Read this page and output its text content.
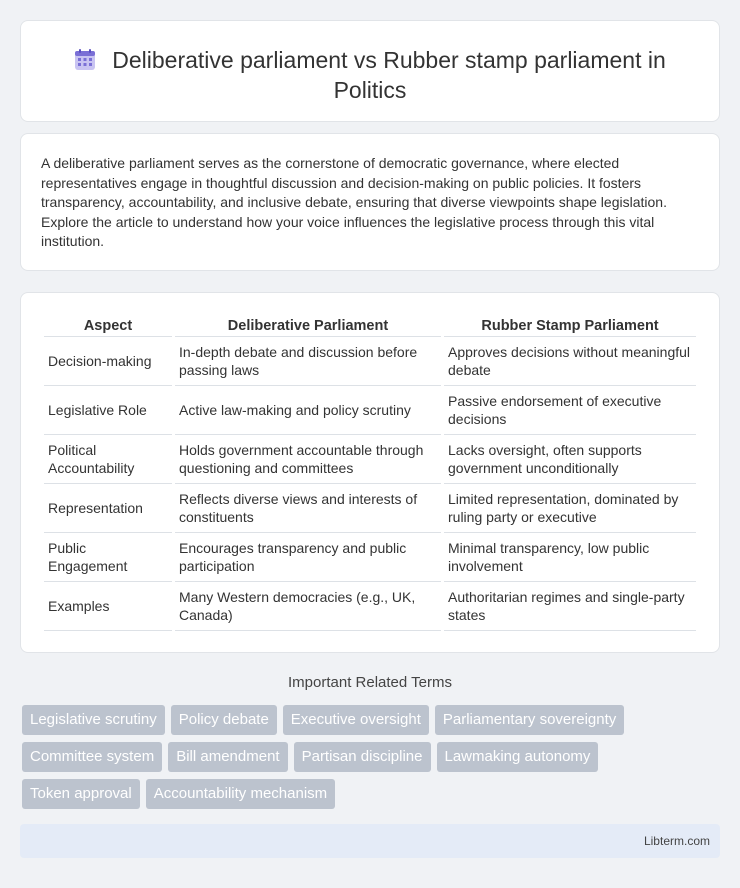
Deliberative parliament vs Rubber stamp parliament in Politics

A deliberative parliament serves as the cornerstone of democratic governance, where elected representatives engage in thoughtful discussion and decision-making on public policies. It fosters transparency, accountability, and inclusive debate, ensuring that diverse viewpoints shape legislation. Explore the article to understand how your voice influences the legislative process through this vital institution.

Aspect	Deliberative Parliament	Rubber Stamp Parliament
Decision-making	In-depth debate and discussion before passing laws	Approves decisions without meaningful debate
Legislative Role	Active law-making and policy scrutiny	Passive endorsement of executive decisions
Political Accountability	Holds government accountable through questioning and committees	Lacks oversight, often supports government unconditionally
Representation	Reflects diverse views and interests of constituents	Limited representation, dominated by ruling party or executive
Public Engagement	Encourages transparency and public participation	Minimal transparency, low public involvement
Examples	Many Western democracies (e.g., UK, Canada)	Authoritarian regimes and single-party states
Important Related Terms
Legislative scrutiny	Policy debate	Executive oversight	Parliamentary sovereignty
Committee system	Bill amendment	Partisan discipline	Lawmaking autonomy
Token approval	Accountability mechanism
Libterm.com
